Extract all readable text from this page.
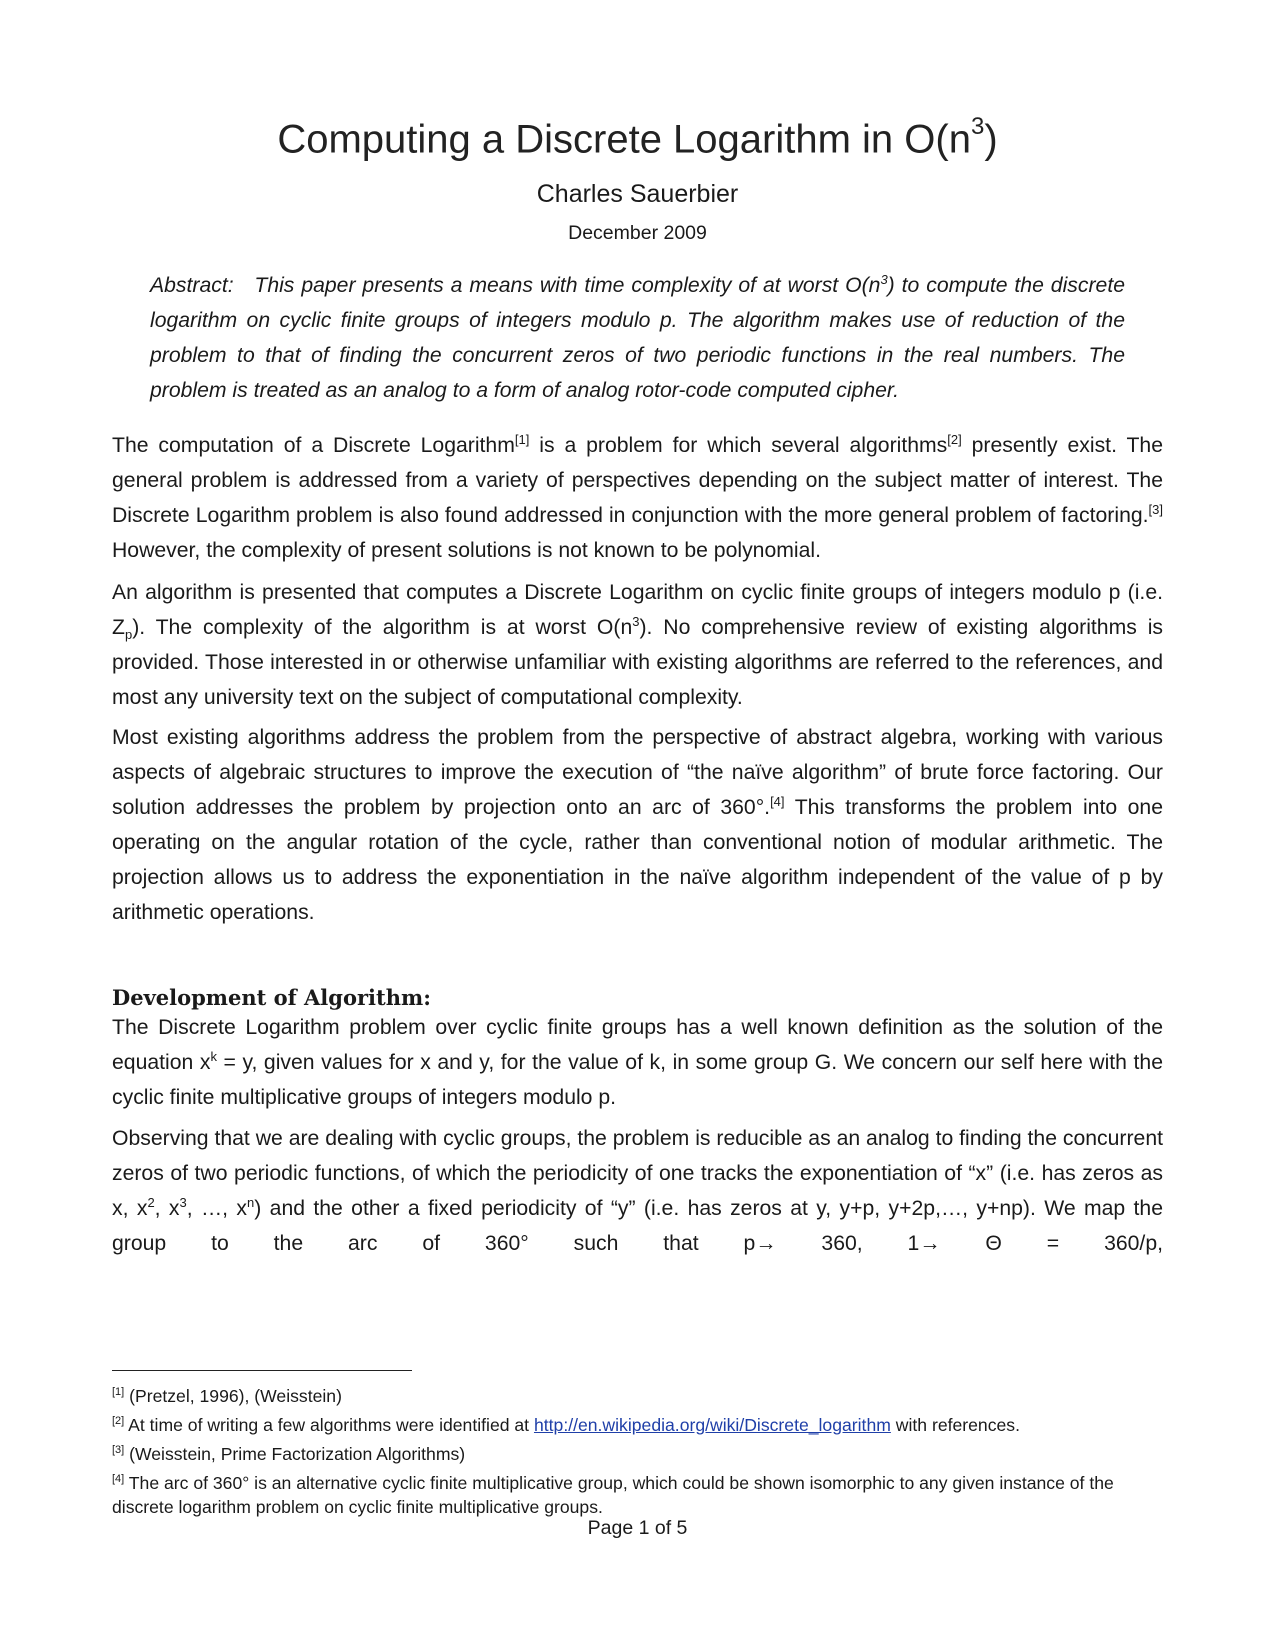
Computing a Discrete Logarithm in $O(n^3)$
Charles Sauerbier
December 2009
Abstract: This paper presents a means with time complexity of at worst $O(n^3)$ to compute the discrete logarithm on cyclic finite groups of integers modulo p. The algorithm makes use of reduction of the problem to that of finding the concurrent zeros of two periodic functions in the real numbers. The problem is treated as an analog to a form of analog rotor-code computed cipher.
The computation of a Discrete Logarithm[1] is a problem for which several algorithms[2] presently exist. The general problem is addressed from a variety of perspectives depending on the subject matter of interest. The Discrete Logarithm problem is also found addressed in conjunction with the more general problem of factoring.[3] However, the complexity of present solutions is not known to be polynomial.
An algorithm is presented that computes a Discrete Logarithm on cyclic finite groups of integers modulo p (i.e. $Z_p$). The complexity of the algorithm is at worst $O(n^3)$. No comprehensive review of existing algorithms is provided. Those interested in or otherwise unfamiliar with existing algorithms are referred to the references, and most any university text on the subject of computational complexity.
Most existing algorithms address the problem from the perspective of abstract algebra, working with various aspects of algebraic structures to improve the execution of “the naïve algorithm” of brute force factoring. Our solution addresses the problem by projection onto an arc of 360°.[4] This transforms the problem into one operating on the angular rotation of the cycle, rather than conventional notion of modular arithmetic. The projection allows us to address the exponentiation in the naïve algorithm independent of the value of p by arithmetic operations.
Development of Algorithm:
The Discrete Logarithm problem over cyclic finite groups has a well known definition as the solution of the equation $x^k = y$, given values for x and y, for the value of k, in some group G. We concern our self here with the cyclic finite multiplicative groups of integers modulo p.
Observing that we are dealing with cyclic groups, the problem is reducible as an analog to finding the concurrent zeros of two periodic functions, of which the periodicity of one tracks the exponentiation of “x” (i.e. has zeros as x, $x^2$, $x^3$, …, $x^n$) and the other a fixed periodicity of “y” (i.e. has zeros at y, y+p, y+2p,…, y+np). We map the group to the arc of 360° such that p→ 360, 1→ Θ = 360/p,
[1] (Pretzel, 1996), (Weisstein)
[2] At time of writing a few algorithms were identified at http://en.wikipedia.org/wiki/Discrete_logarithm with references.
[3] (Weisstein, Prime Factorization Algorithms)
[4] The arc of 360° is an alternative cyclic finite multiplicative group, which could be shown isomorphic to any given instance of the discrete logarithm problem on cyclic finite multiplicative groups.
Page 1 of 5
